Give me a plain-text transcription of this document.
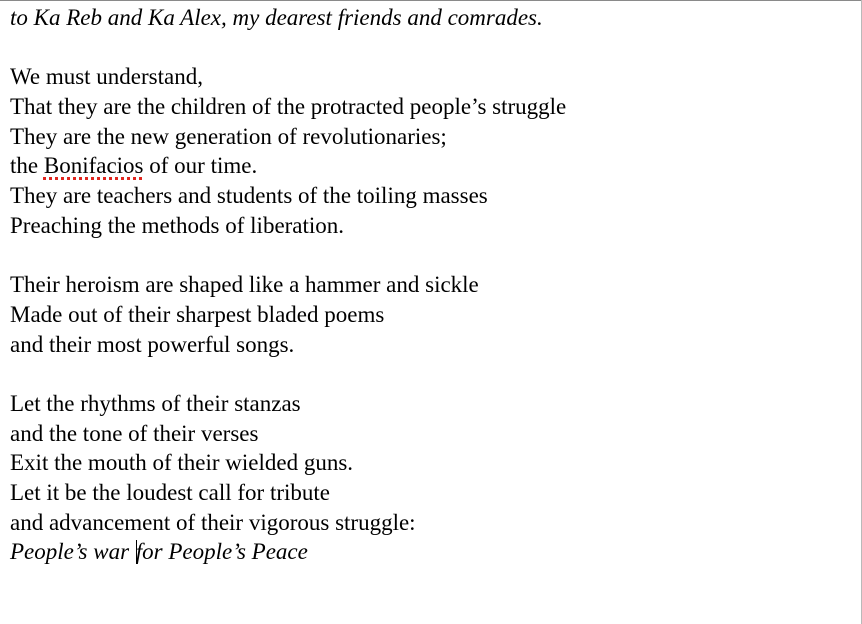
to Ka Reb and Ka Alex, my dearest friends and comrades.
We must understand,
That they are the children of the protracted people’s struggle
They are the new generation of revolutionaries;
the Bonifacios of our time.
They are teachers and students of the toiling masses
Preaching the methods of liberation.
Their heroism are shaped like a hammer and sickle
Made out of their sharpest bladed poems
and their most powerful songs.
Let the rhythms of their stanzas
and the tone of their verses
Exit the mouth of their wielded guns.
Let it be the loudest call for tribute
and advancement of their vigorous struggle:
People’s war for People’s Peace
